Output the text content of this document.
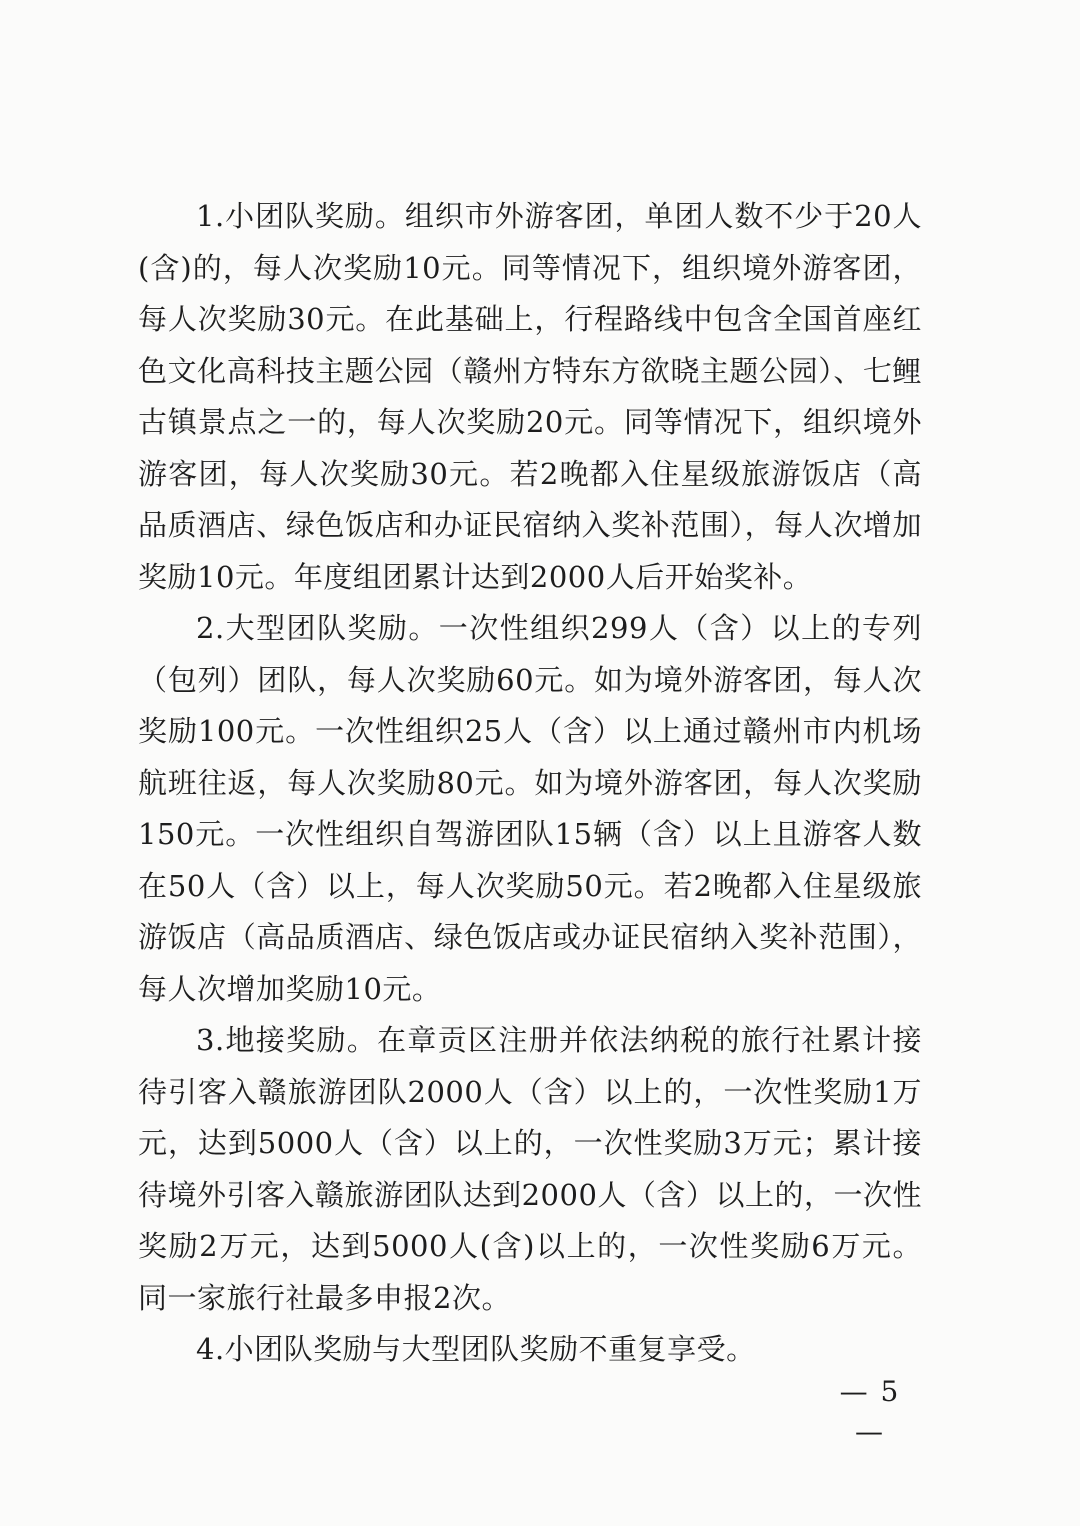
1.小团队奖励。组织市外游客团，单团人数不少于20人(含)的，每人次奖励10元。同等情况下，组织境外游客团，每人次奖励30元。在此基础上，行程路线中包含全国首座红色文化高科技主题公园（赣州方特东方欲晓主题公园）、七鲤古镇景点之一的，每人次奖励20元。同等情况下，组织境外游客团，每人次奖励30元。若2晚都入住星级旅游饭店（高品质酒店、绿色饭店和办证民宿纳入奖补范围），每人次增加奖励10元。年度组团累计达到2000人后开始奖补。

2.大型团队奖励。一次性组织299人（含）以上的专列（包列）团队，每人次奖励60元。如为境外游客团，每人次奖励100元。一次性组织25人（含）以上通过赣州市内机场航班往返，每人次奖励80元。如为境外游客团，每人次奖励150元。一次性组织自驾游团队15辆（含）以上且游客人数在50人（含）以上，每人次奖励50元。若2晚都入住星级旅游饭店（高品质酒店、绿色饭店或办证民宿纳入奖补范围），每人次增加奖励10元。

3.地接奖励。在章贡区注册并依法纳税的旅行社累计接待引客入赣旅游团队2000人（含）以上的，一次性奖励1万元，达到5000人（含）以上的，一次性奖励3万元；累计接待境外引客入赣旅游团队达到2000人（含）以上的，一次性奖励2万元，达到5000人(含)以上的，一次性奖励6万元。同一家旅行社最多申报2次。

4.小团队奖励与大型团队奖励不重复享受。

— 5 —
